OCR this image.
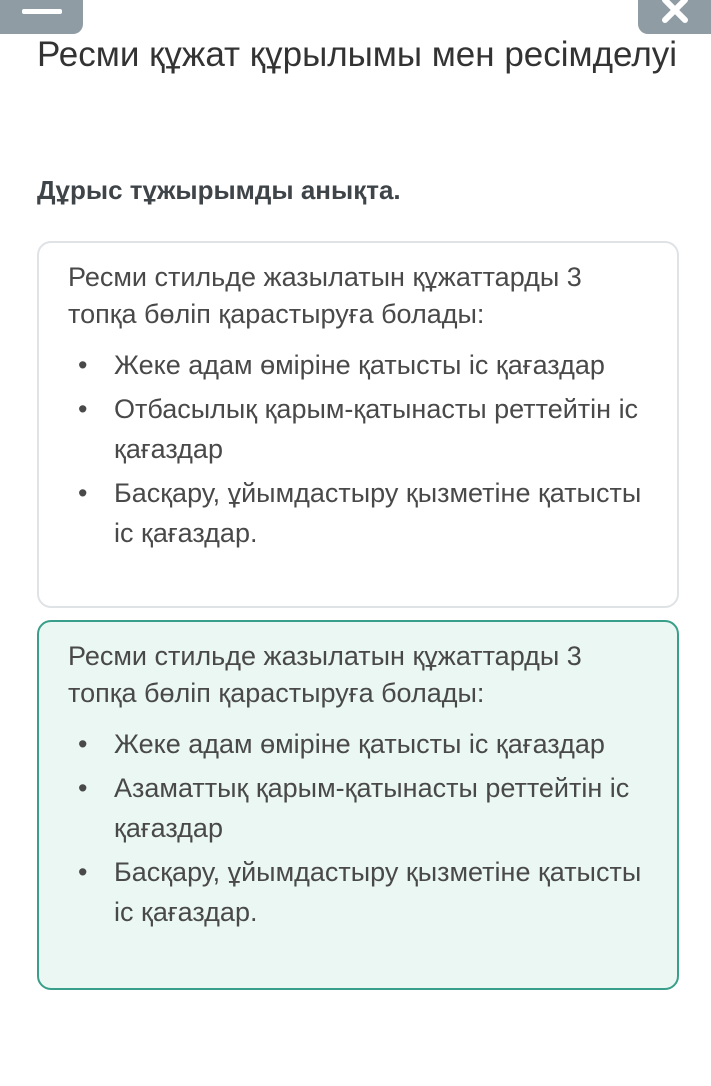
Ресми құжат құрылымы мен ресімделуі
Дұрыс тұжырымды анықта.

Ресми стильде жазылатын құжаттарды 3 топқа бөліп қарастыруға болады:

• Жеке адам өміріне қатысты іс қағаздар
• Отбасылық қарым-қатынасты реттейтін іс қағаздар
• Басқару, ұйымдастыру қызметіне қатысты іс қағаздар.

Ресми стильде жазылатын құжаттарды 3 топқа бөліп қарастыруға болады:

• Жеке адам өміріне қатысты іс қағаздар
• Азаматтық қарым-қатынасты реттейтін іс қағаздар
• Басқару, ұйымдастыру қызметіне қатысты іс қағаздар.
